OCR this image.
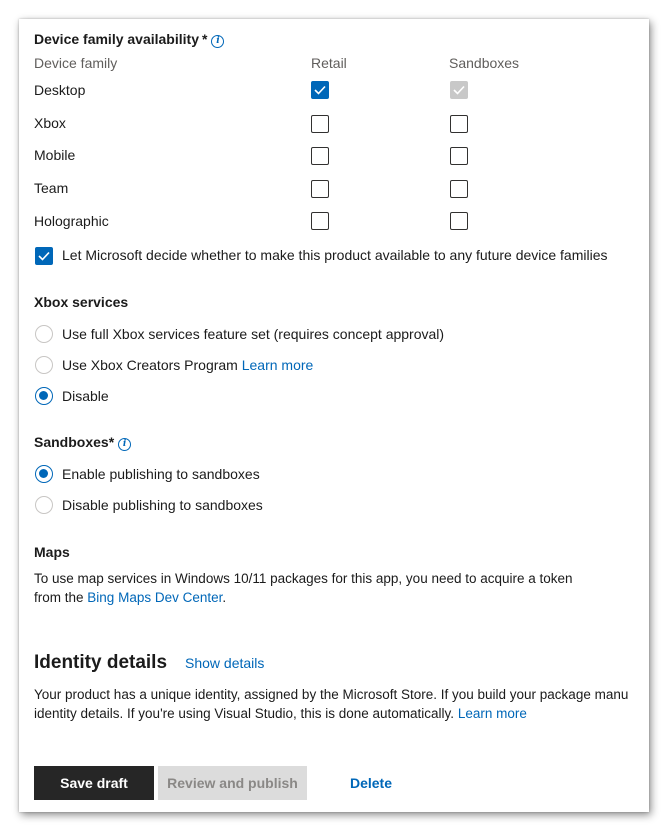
Device family availability * i
Device family	Retail	Sandboxes
Desktop
Xbox
Mobile
Team
Holographic
Let Microsoft decide whether to make this product available to any future device families
Xbox services
Use full Xbox services feature set (requires concept approval)
Use Xbox Creators Program Learn more
Disable
Sandboxes* i
Enable publishing to sandboxes
Disable publishing to sandboxes
Maps
To use map services in Windows 10/11 packages for this app, you need to acquire a token
from the Bing Maps Dev Center.
Identity details Show details
Your product has a unique identity, assigned by the Microsoft Store. If you build your package manu
identity details. If you're using Visual Studio, this is done automatically. Learn more
Save draft	Review and publish	Delete
